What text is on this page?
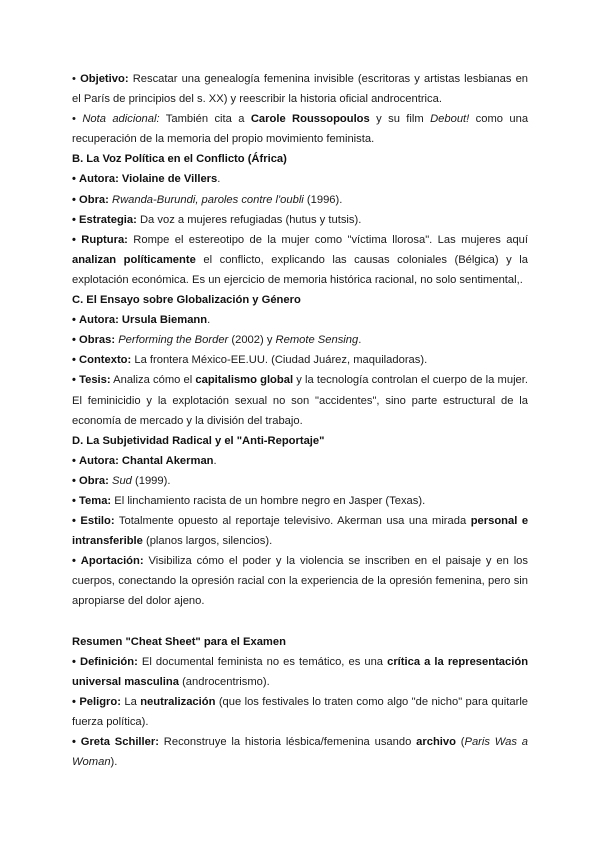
• Objetivo: Rescatar una genealogía femenina invisible (escritoras y artistas lesbianas en el París de principios del s. XX) y reescribir la historia oficial androcentrica.

• Nota adicional: También cita a Carole Roussopoulos y su film Debout! como una recuperación de la memoria del propio movimiento feminista.

B. La Voz Política en el Conflicto (África)

• Autora: Violaine de Villers.

• Obra: Rwanda-Burundi, paroles contre l'oubli (1996).

• Estrategia: Da voz a mujeres refugiadas (hutus y tutsis).

• Ruptura: Rompe el estereotipo de la mujer como "víctima llorosa". Las mujeres aquí analizan políticamente el conflicto, explicando las causas coloniales (Bélgica) y la explotación económica. Es un ejercicio de memoria histórica racional, no solo sentimental,.

C. El Ensayo sobre Globalización y Género

• Autora: Ursula Biemann.

• Obras: Performing the Border (2002) y Remote Sensing.

• Contexto: La frontera México-EE.UU. (Ciudad Juárez, maquiladoras).

• Tesis: Analiza cómo el capitalismo global y la tecnología controlan el cuerpo de la mujer. El feminicidio y la explotación sexual no son "accidentes", sino parte estructural de la economía de mercado y la división del trabajo.

D. La Subjetividad Radical y el "Anti-Reportaje"

• Autora: Chantal Akerman.

• Obra: Sud (1999).

• Tema: El linchamiento racista de un hombre negro en Jasper (Texas).

• Estilo: Totalmente opuesto al reportaje televisivo. Akerman usa una mirada personal e intransferible (planos largos, silencios).

• Aportación: Visibiliza cómo el poder y la violencia se inscriben en el paisaje y en los cuerpos, conectando la opresión racial con la experiencia de la opresión femenina, pero sin apropiarse del dolor ajeno.

Resumen "Cheat Sheet" para el Examen

• Definición: El documental feminista no es temático, es una crítica a la representación universal masculina (androcentrismo).

• Peligro: La neutralización (que los festivales lo traten como algo "de nicho" para quitarle fuerza política).

• Greta Schiller: Reconstruye la historia lésbica/femenina usando archivo (Paris Was a Woman).
